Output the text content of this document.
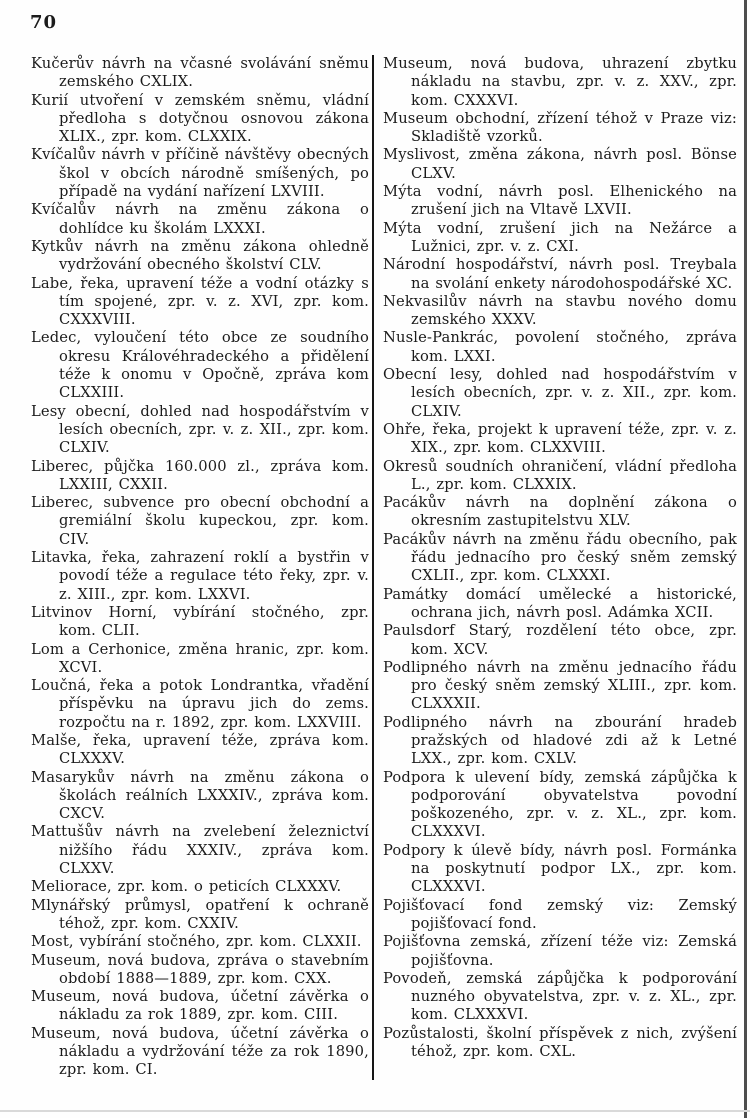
70

Kučerův návrh na včasné svolávání sněmu zemského CXLIX.

Kurií utvoření v zemském sněmu, vládní předloha s dotyčnou osnovou zákona XLIX., zpr. kom. CLXXIX.

Kvíčalův návrh v příčině návštěvy obecných škol v obcích národně smíšených, po případě na vydání nařízení LXVIII.

Kvíčalův návrh na změnu zákona o dohlídce ku školám LXXXI.

Kytkův návrh na změnu zákona ohledně vydržování obecného školství CLV.

Labe, řeka, upravení téže a vodní otázky s tím spojené, zpr. v. z. XVI, zpr. kom. CXXXVIII.

Ledec, vyloučení této obce ze soudního okresu Královéhradeckého a přidělení téže k onomu v Opočně, zpráva kom CLXXIII.

Lesy obecní, dohled nad hospodářstvím v lesích obecních, zpr. v. z. XII., zpr. kom. CLXIV.

Liberec, půjčka 160.000 zl., zpráva kom. LXXIII, CXXII.

Liberec, subvence pro obecní obchodní a gremiální školu kupeckou, zpr. kom. CIV.

Litavka, řeka, zahrazení roklí a bystřin v povodí téže a regulace této řeky, zpr. v. z. XIII., zpr. kom. LXXVI.

Litvinov Horní, vybírání stočného, zpr. kom. CLII.

Lom a Cerhonice, změna hranic, zpr. kom. XCVI.

Loučná, řeka a potok Londrantka, vřadění příspěvku na úpravu jich do zems. rozpočtu na r. 1892, zpr. kom. LXXVIII.

Malše, řeka, upravení téže, zpráva kom. CLXXXV.

Masarykův návrh na změnu zákona o školách reálních LXXXIV., zpráva kom. CXCV.

Mattušův návrh na zvelebení železnictví nižšího řádu XXXIV., zpráva kom. CLXXV.

Meliorace, zpr. kom. o peticích CLXXXV.

Mlynářský průmysl, opatření k ochraně téhož, zpr. kom. CXXIV.

Most, vybírání stočného, zpr. kom. CLXXII.

Museum, nová budova, zpráva o stavebním období 1888—1889, zpr. kom. CXX.

Museum, nová budova, účetní závěrka o nákladu za rok 1889, zpr. kom. CIII.

Museum, nová budova, účetní závěrka o nákladu a vydržování téže za rok 1890, zpr. kom. CI.

Museum, nová budova, uhrazení zbytku nákladu na stavbu, zpr. v. z. XXV., zpr. kom. CXXXVI.

Museum obchodní, zřízení téhož v Praze viz: Skladiště vzorků.

Myslivost, změna zákona, návrh posl. Bönse CLXV.

Mýta vodní, návrh posl. Elhenického na zrušení jich na Vltavě LXVII.

Mýta vodní, zrušení jich na Nežárce a Lužnici, zpr. v. z. CXI.

Národní hospodářství, návrh posl. Treybala na svolání enkety národohospodářské XC.

Nekvasilův návrh na stavbu nového domu zemského XXXV.

Nusle-Pankrác, povolení stočného, zpráva kom. LXXI.

Obecní lesy, dohled nad hospodářstvím v lesích obecních, zpr. v. z. XII., zpr. kom. CLXIV.

Ohře, řeka, projekt k upravení téže, zpr. v. z. XIX., zpr. kom. CLXXVIII.

Okresů soudních ohraničení, vládní předloha L., zpr. kom. CLXXIX.

Pacákův návrh na doplnění zákona o okresním zastupitelstvu XLV.

Pacákův návrh na změnu řádu obecního, pak řádu jednacího pro český sněm zemský CXLII., zpr. kom. CLXXXI.

Památky domácí umělecké a historické, ochrana jich, návrh posl. Adámka XCII.

Paulsdorf Starý, rozdělení této obce, zpr. kom. XCV.

Podlipného návrh na změnu jednacího řádu pro český sněm zemský XLIII., zpr. kom. CLXXXII.

Podlipného návrh na zbourání hradeb pražských od hladové zdi až k Letné LXX., zpr. kom. CXLV.

Podpora k ulevení bídy, zemská zápůjčka k podporování obyvatelstva povodní poškozeného, zpr. v. z. XL., zpr. kom. CLXXXVI.

Podpory k úlevě bídy, návrh posl. Formánka na poskytnutí podpor LX., zpr. kom. CLXXXVI.

Pojišťovací fond zemský viz: Zemský pojišťovací fond.

Pojišťovna zemská, zřízení téže viz: Zemská pojišťovna.

Povodeň, zemská zápůjčka k podporování nuzného obyvatelstva, zpr. v. z. XL., zpr. kom. CLXXXVI.

Pozůstalosti, školní příspěvek z nich, zvýšení téhož, zpr. kom. CXL.
